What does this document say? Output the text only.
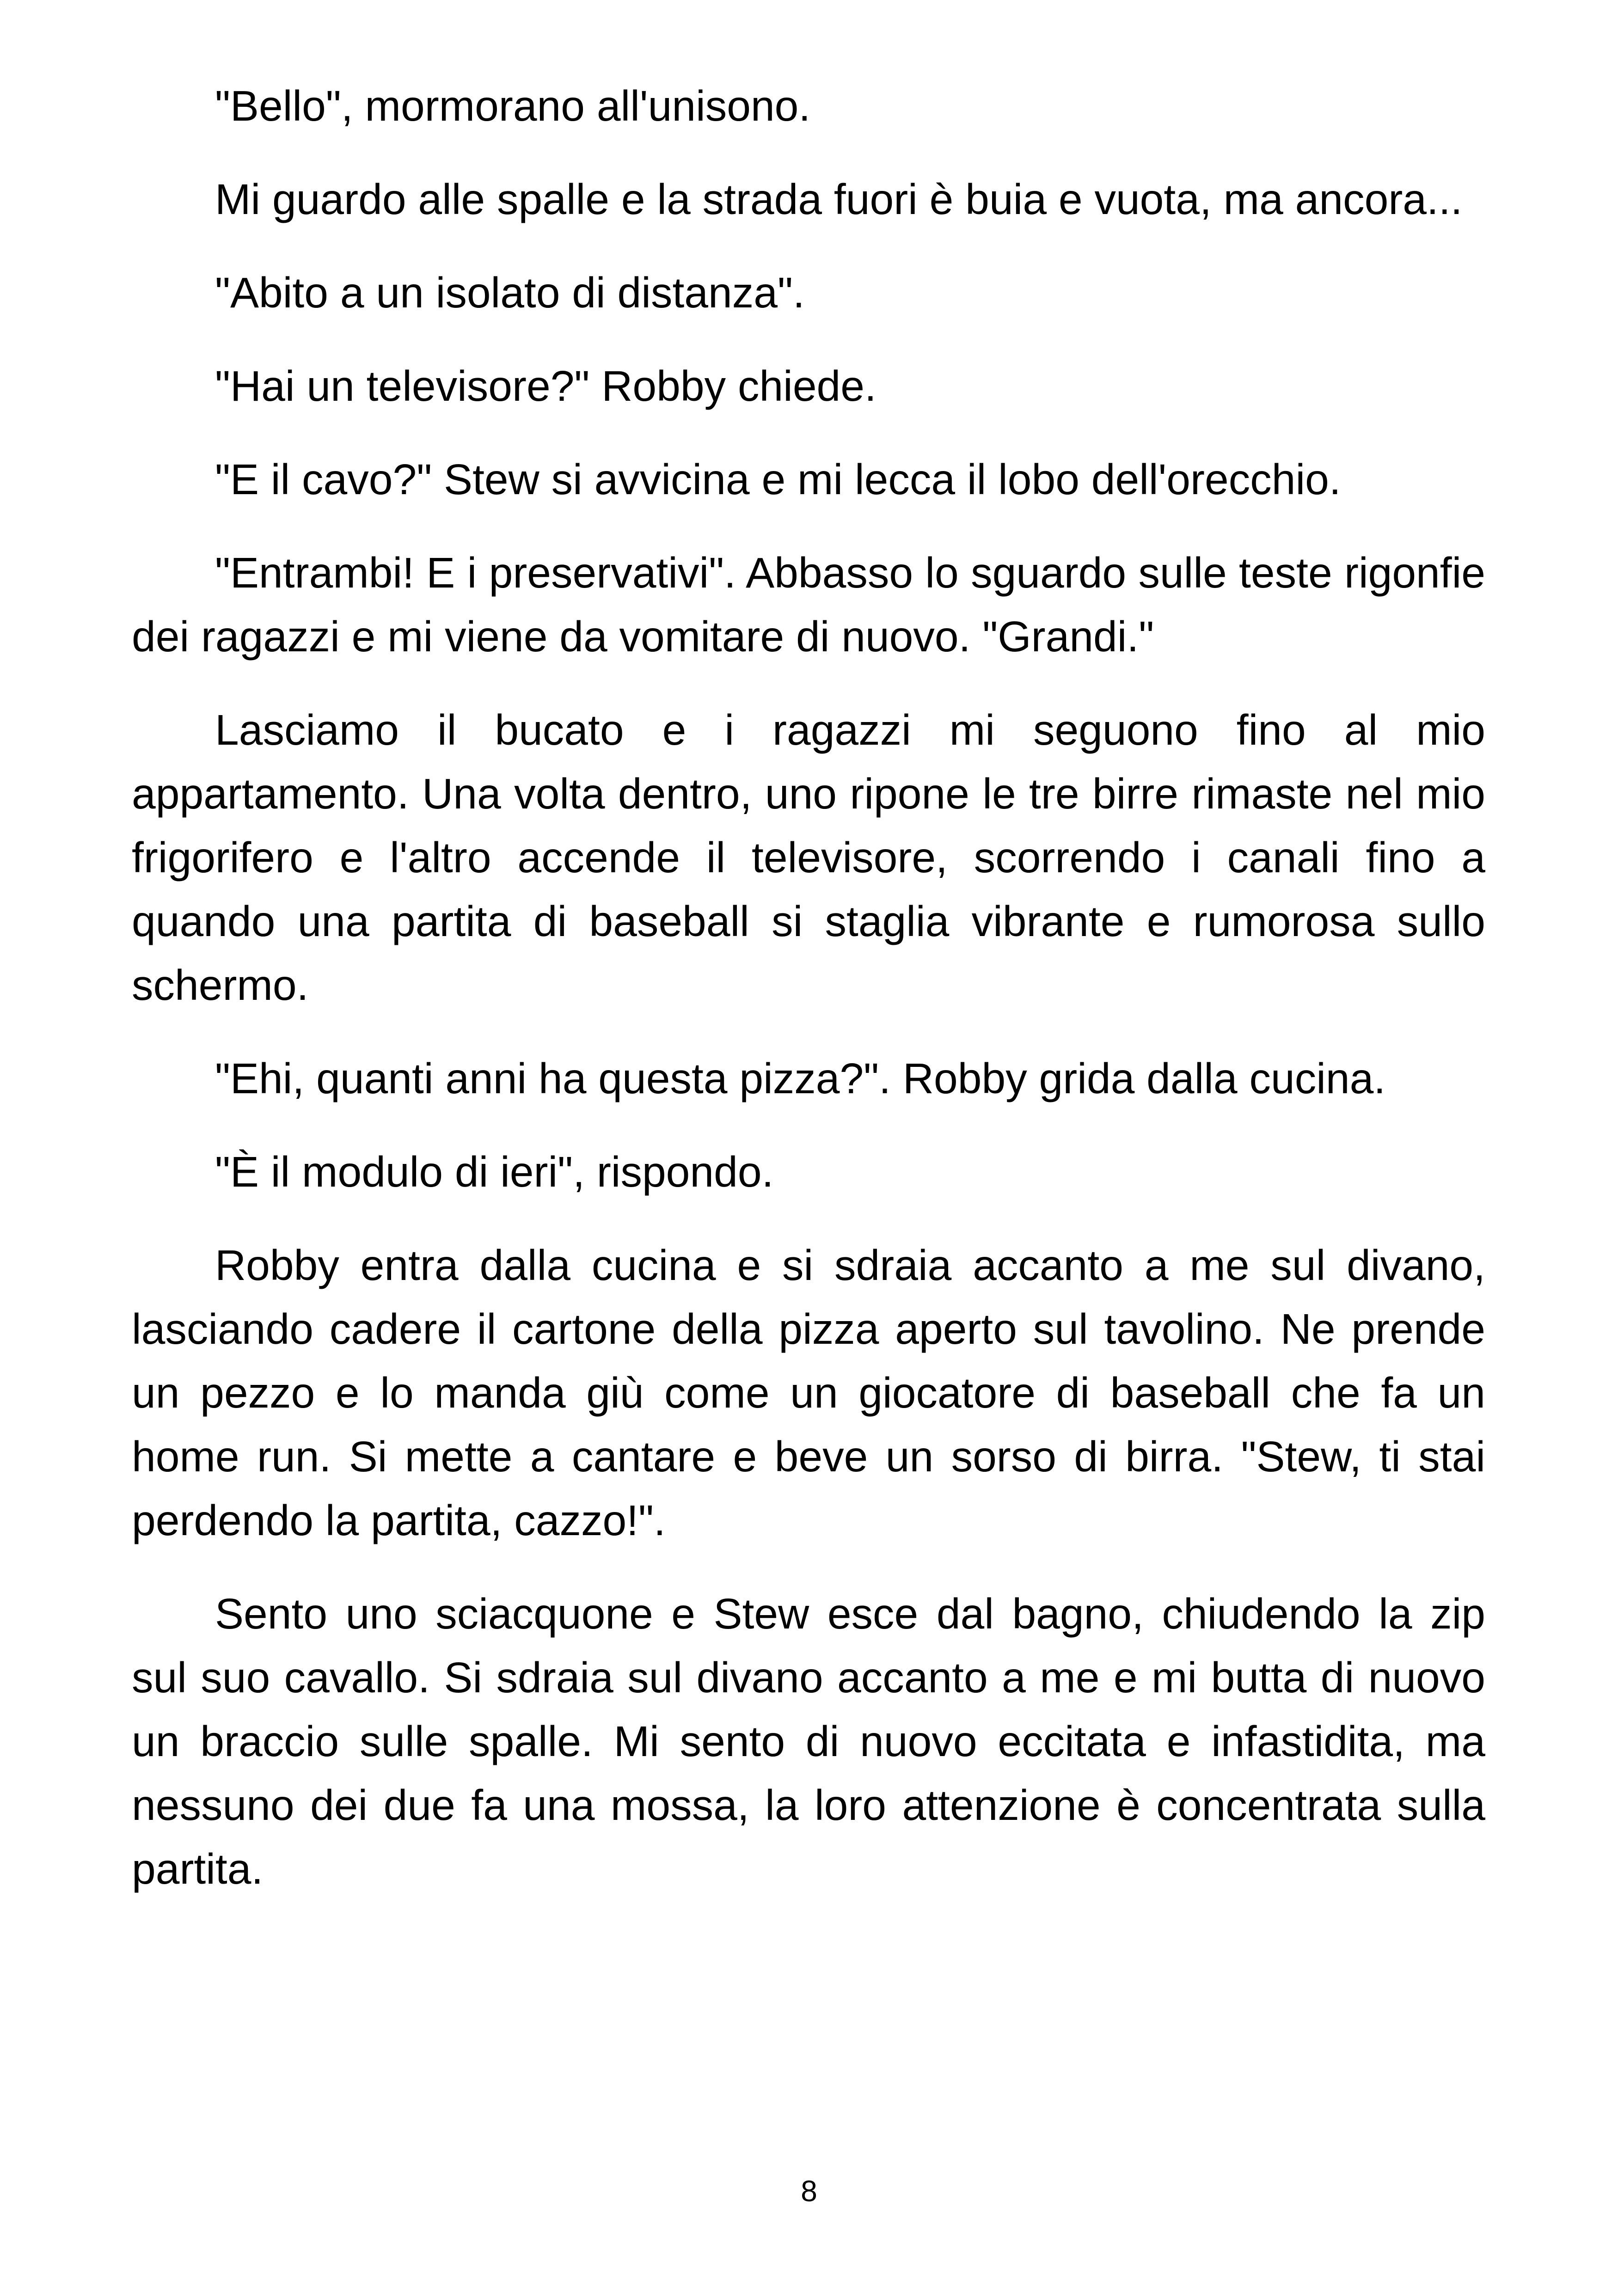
"Bello", mormorano all'unisono.

Mi guardo alle spalle e la strada fuori è buia e vuota, ma ancora...

"Abito a un isolato di distanza".

"Hai un televisore?" Robby chiede.

"E il cavo?" Stew si avvicina e mi lecca il lobo dell'orecchio.

"Entrambi! E i preservativi". Abbasso lo sguardo sulle teste rigonfie dei ragazzi e mi viene da vomitare di nuovo. "Grandi."

Lasciamo il bucato e i ragazzi mi seguono fino al mio appartamento. Una volta dentro, uno ripone le tre birre rimaste nel mio frigorifero e l'altro accende il televisore, scorrendo i canali fino a quando una partita di baseball si staglia vibrante e rumorosa sullo schermo.

"Ehi, quanti anni ha questa pizza?". Robby grida dalla cucina.

"È il modulo di ieri", rispondo.

Robby entra dalla cucina e si sdraia accanto a me sul divano, lasciando cadere il cartone della pizza aperto sul tavolino. Ne prende un pezzo e lo manda giù come un giocatore di baseball che fa un home run. Si mette a cantare e beve un sorso di birra. "Stew, ti stai perdendo la partita, cazzo!".

Sento uno sciacquone e Stew esce dal bagno, chiudendo la zip sul suo cavallo. Si sdraia sul divano accanto a me e mi butta di nuovo un braccio sulle spalle. Mi sento di nuovo eccitata e infastidita, ma nessuno dei due fa una mossa, la loro attenzione è concentrata sulla partita.

8
